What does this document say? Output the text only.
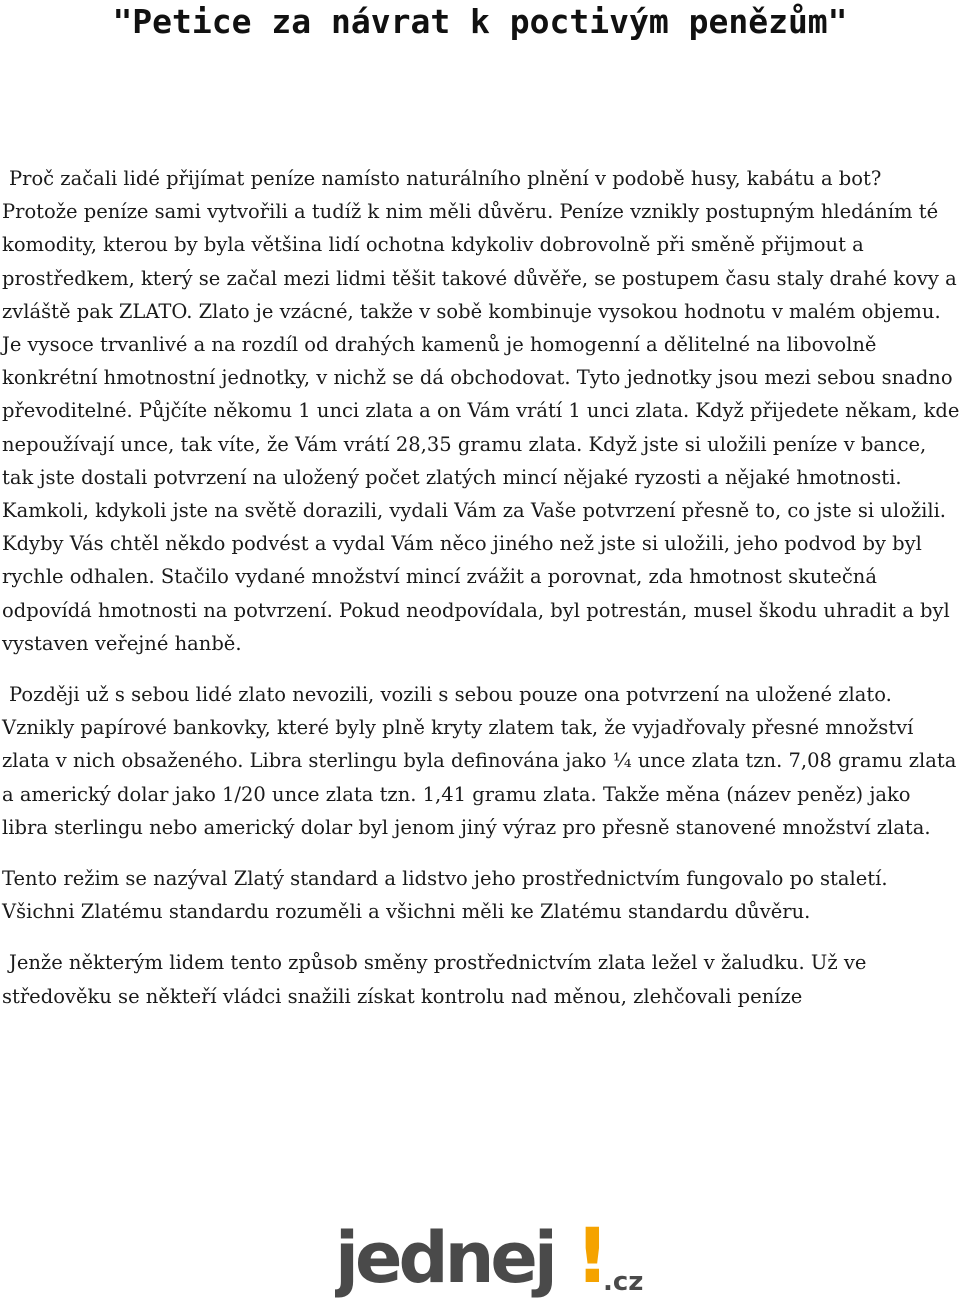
"Petice za návrat k poctivým penězům"

Proč začali lidé přijímat peníze namísto naturálního plnění v podobě husy, kabátu a bot? Protože peníze sami vytvořili a tudíž k nim měli důvěru. Peníze vznikly postupným hledáním té komodity, kterou by byla většina lidí ochotna kdykoliv dobrovolně při směně přijmout a prostředkem, který se začal mezi lidmi těšit takové důvěře, se postupem času staly drahé kovy a zvláště pak ZLATO. Zlato je vzácné, takže v sobě kombinuje vysokou hodnotu v malém objemu. Je vysoce trvanlivé a na rozdíl od drahých kamenů je homogenní a dělitelné na libovolně konkrétní hmotnostní jednotky, v nichž se dá obchodovat. Tyto jednotky jsou mezi sebou snadno převoditelné. Půjčíte někomu 1 unci zlata a on Vám vrátí 1 unci zlata. Když přijedete někam, kde nepoužívají unce, tak víte, že Vám vrátí 28,35 gramu zlata. Když jste si uložili peníze v bance, tak jste dostali potvrzení na uložený počet zlatých mincí nějaké ryzosti a nějaké hmotnosti. Kamkoli, kdykoli jste na světě dorazili, vydali Vám za Vaše potvrzení přesně to, co jste si uložili. Kdyby Vás chtěl někdo podvést a vydal Vám něco jiného než jste si uložili, jeho podvod by byl rychle odhalen. Stačilo vydané množství mincí zvážit a porovnat, zda hmotnost skutečná odpovídá hmotnosti na potvrzení. Pokud neodpovídala, byl potrestán, musel škodu uhradit a byl vystaven veřejné hanbě.

Později už s sebou lidé zlato nevozili, vozili s sebou pouze ona potvrzení na uložené zlato. Vznikly papírové bankovky, které byly plně kryty zlatem tak, že vyjadřovaly přesné množství zlata v nich obsaženého. Libra sterlingu byla definována jako ¼ unce zlata tzn. 7,08 gramu zlata a americký dolar jako 1/20 unce zlata tzn. 1,41 gramu zlata. Takže měna (název peněz) jako libra sterlingu nebo americký dolar byl jenom jiný výraz pro přesně stanovené množství zlata.

Tento režim se nazýval Zlatý standard a lidstvo jeho prostřednictvím fungovalo po staletí. Všichni Zlatému standardu rozuměli a všichni měli ke Zlatému standardu důvěru.

Jenže některým lidem tento způsob směny prostřednictvím zlata ležel v žaludku. Už ve středověku se někteří vládci snažili získat kontrolu nad měnou, zlehčovali peníze

jednej !
.cz
